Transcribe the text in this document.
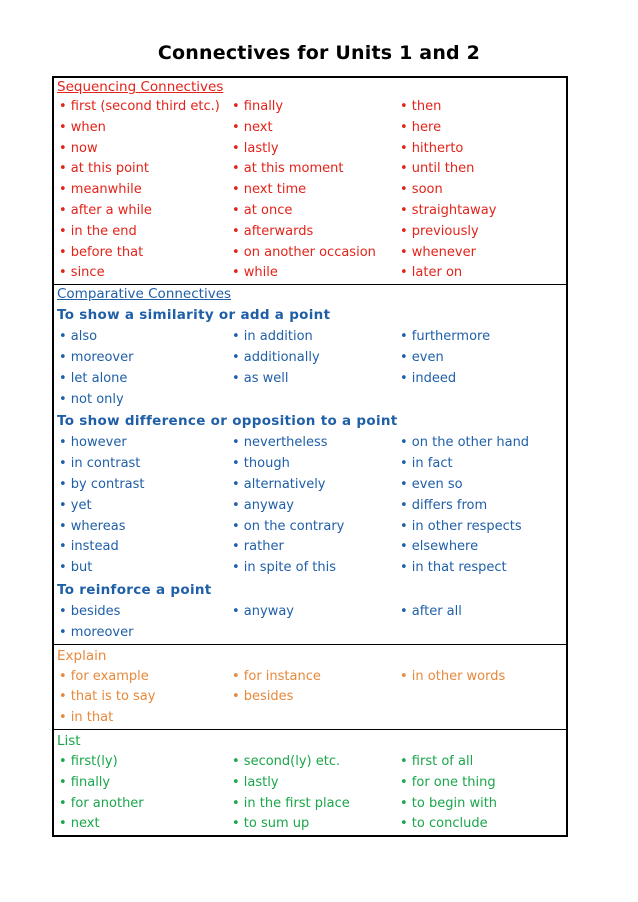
Connectives for Units 1 and 2
Sequencing Connectives
• first (second third etc.) • finally	• then
• when	• next	• here
• now	• lastly	• hitherto
• at this point	• at this moment	• until then
• meanwhile	• next time	• soon
• after a while	• at once	• straightaway
• in the end	• afterwards	• previously
• before that	• on another occasion	• whenever
• since	• while	• later on
Comparative Connectives
To show a similarity or add a point
• also	• in addition	• furthermore
• moreover	• additionally	• even
• let alone	• as well	• indeed
• not only
To show difference or opposition to a point
• however	• nevertheless	• on the other hand
• in contrast	• though	• in fact
• by contrast	• alternatively	• even so
• yet	• anyway	• differs from
• whereas	• on the contrary	• in other respects
• instead	• rather	• elsewhere
• but	• in spite of this	• in that respect
To reinforce a point
• besides	• anyway	• after all
• moreover
Explain
• for example	• for instance	• in other words
• that is to say	• besides
• in that
List
• first(ly)	• second(ly) etc.	• first of all
• finally	• lastly	• for one thing
• for another	• in the first place	• to begin with
• next	• to sum up	• to conclude
